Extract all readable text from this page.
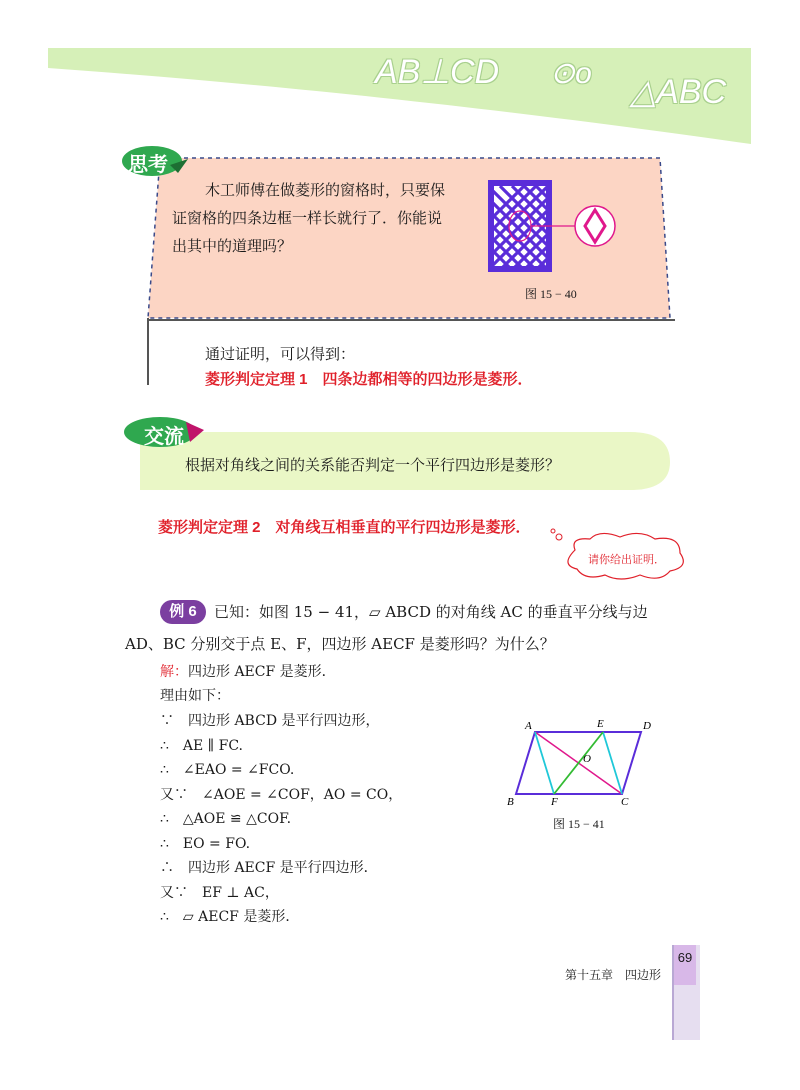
AB⊥CD ⊙o △ABC
思考
木工师傅在做菱形的窗格时，只要保
证窗格的四条边框一样长就行了．你能说
出其中的道理吗？
图 15 − 40
通过证明，可以得到：
菱形判定定理 1　四条边都相等的四边形是菱形．
交流
根据对角线之间的关系能否判定一个平行四边形是菱形？
菱形判定定理 2　对角线互相垂直的平行四边形是菱形．
请你给出证明．
例 6	已知：如图 15 − 41，▱ ABCD 的对角线 AC 的垂直平分线与边
AD、BC 分别交于点 E、F，四边形 AECF 是菱形吗？为什么？
解：四边形 AECF 是菱形．
理由如下：
∵　四边形 ABCD 是平行四边形，
∴　AE ∥ FC.
∴　∠EAO = ∠FCO.
又∵　∠AOE = ∠COF，AO = CO，
∴　△AOE ≌ △COF.
∴　EO = FO.
∴　四边形 AECF 是平行四边形．
又∵　EF ⊥ AC，
∴　▱ AECF 是菱形．
A	E	D
O
B	F	C
图 15 − 41
第十五章　四边形
69
